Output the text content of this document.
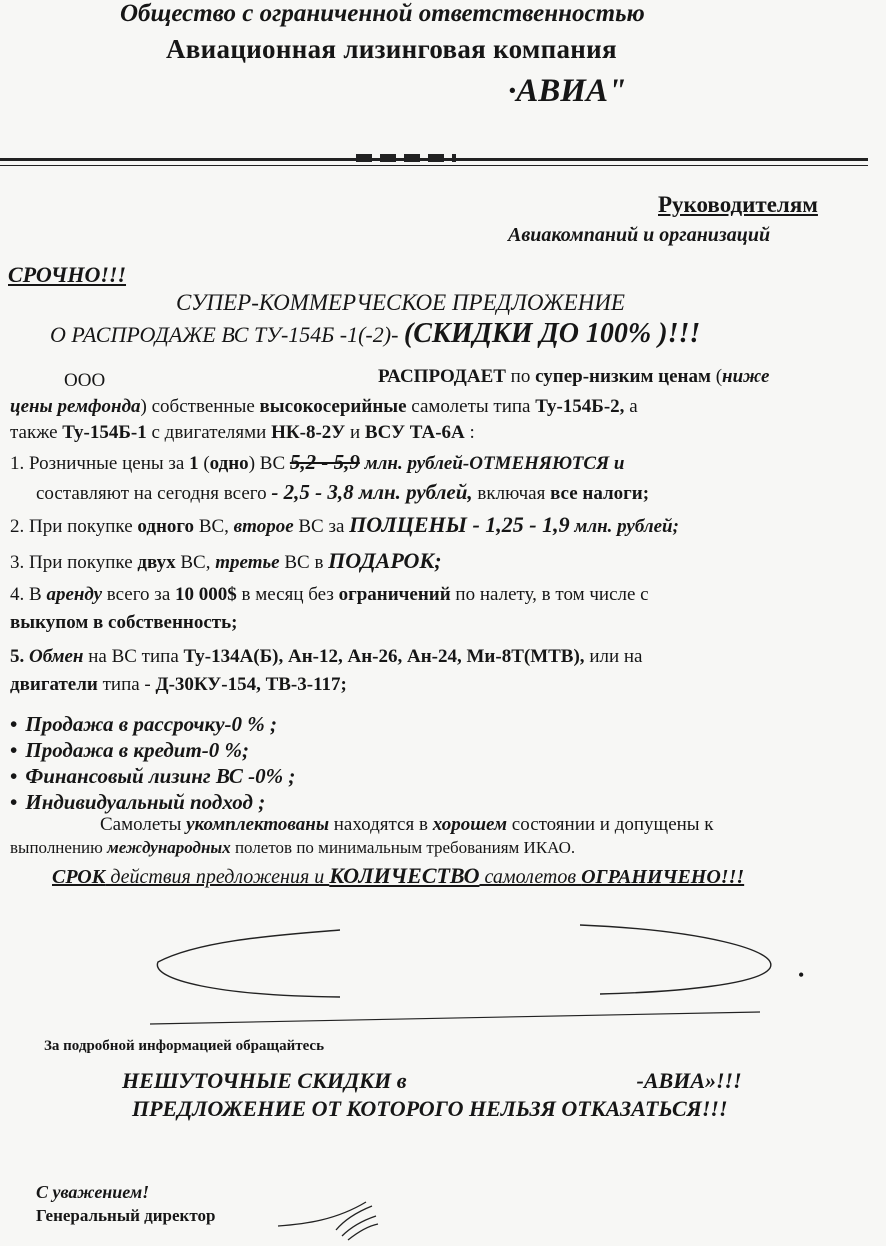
Общество с ограниченной ответственностью
Авиационная лизинговая компания
·АВИА"
Руководителям
Авиакомпаний и организаций
СРОЧНО!!!
СУПЕР-КОММЕРЧЕСКОЕ ПРЕДЛОЖЕНИЕ
О РАСПРОДАЖЕ ВС ТУ-154Б -1(-2)- (СКИДКИ ДО 100% )!!!
ООО	РАСПРОДАЕТ по супер-низким ценам (ниже
цены ремфонда) собственные высокосерийные самолеты типа Ту-154Б-2, а
также Ту-154Б-1 с двигателями НК-8-2У и ВСУ ТА-6А :
1. Розничные цены за 1 (одно) ВС 5,2 - 5,9 млн. рублей-ОТМЕНЯЮТСЯ и
составляют на сегодня всего - 2,5 - 3,8 млн. рублей, включая все налоги;
2. При покупке одного ВС, второе ВС за ПОЛЦЕНЫ - 1,25 - 1,9 млн. рублей;
3. При покупке двух ВС, третье ВС в ПОДАРОК;
4. В аренду всего за 10 000$ в месяц без ограничений по налету, в том числе с
выкупом в собственность;
5. Обмен на ВС типа Ту-134А(Б), Ан-12, Ан-26, Ан-24, Ми-8Т(МТВ), или на
двигатели типа - Д-30КУ-154, ТВ-3-117;
• Продажа в рассрочку-0 % ;
• Продажа в кредит-0 %;
• Финансовый лизинг ВС -0% ;
• Индивидуальный подход ;
Самолеты укомплектованы находятся в хорошем состоянии и допущены к
выполнению международных полетов по минимальным требованиям ИКАО.
СРОК действия предложения и КОЛИЧЕСТВО самолетов ОГРАНИЧЕНО!!!
•
За подробной информацией обращайтесь
НЕШУТОЧНЫЕ СКИДКИ в	-АВИА»!!!
ПРЕДЛОЖЕНИЕ ОТ КОТОРОГО НЕЛЬЗЯ ОТКАЗАТЬСЯ!!!
С уважением!
Генеральный директор
